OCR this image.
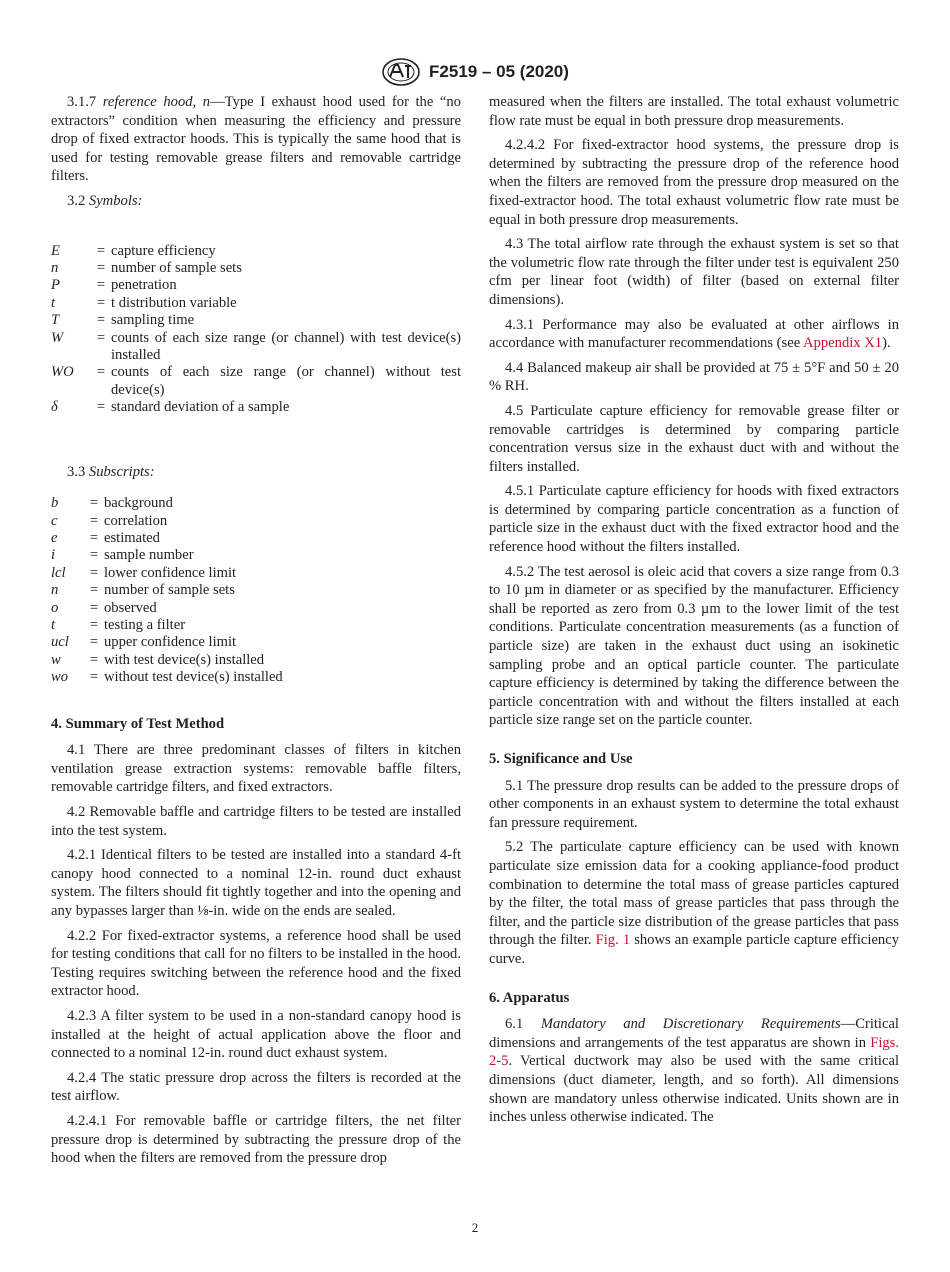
F2519 – 05 (2020)

3.1.7 reference hood, n—Type I exhaust hood used for the “no extractors” condition when measuring the efficiency and pressure drop of fixed extractor hoods. This is typically the same hood that is used for testing removable grease filters and removable cartridge filters.

3.2 Symbols:

E	=	capture efficiency
n	=	number of sample sets
P	=	penetration
t	=	t distribution variable
T	=	sampling time
W	=	counts of each size range (or channel) with test device(s) installed
WO	=	counts of each size range (or channel) without test device(s)
δ	=	standard deviation of a sample

3.3 Subscripts:

b	=	background
c	=	correlation
e	=	estimated
i	=	sample number
lcl	=	lower confidence limit
n	=	number of sample sets
o	=	observed
t	=	testing a filter
ucl	=	upper confidence limit
w	=	with test device(s) installed
wo	=	without test device(s) installed
4. Summary of Test Method

4.1 There are three predominant classes of filters in kitchen ventilation grease extraction systems: removable baffle filters, removable cartridge filters, and fixed extractors.

4.2 Removable baffle and cartridge filters to be tested are installed into the test system.

4.2.1 Identical filters to be tested are installed into a standard 4-ft canopy hood connected to a nominal 12-in. round duct exhaust system. The filters should fit tightly together and into the opening and any bypasses larger than ⅛-in. wide on the ends are sealed.

4.2.2 For fixed-extractor systems, a reference hood shall be used for testing conditions that call for no filters to be installed in the hood. Testing requires switching between the reference hood and the fixed extractor hood.

4.2.3 A filter system to be used in a non-standard canopy hood is installed at the height of actual application above the floor and connected to a nominal 12-in. round duct exhaust system.

4.2.4 The static pressure drop across the filters is recorded at the test airflow.

4.2.4.1 For removable baffle or cartridge filters, the net filter pressure drop is determined by subtracting the pressure drop of the hood when the filters are removed from the pressure drop

measured when the filters are installed. The total exhaust volumetric flow rate must be equal in both pressure drop measurements.

4.2.4.2 For fixed-extractor hood systems, the pressure drop is determined by subtracting the pressure drop of the reference hood when the filters are removed from the pressure drop measured on the fixed-extractor hood. The total exhaust volumetric flow rate must be equal in both pressure drop measurements.

4.3 The total airflow rate through the exhaust system is set so that the volumetric flow rate through the filter under test is equivalent 250 cfm per linear foot (width) of filter (based on external filter dimensions).

4.3.1 Performance may also be evaluated at other airflows in accordance with manufacturer recommendations (see Appendix X1).

4.4 Balanced makeup air shall be provided at 75 ± 5°F and 50 ± 20 % RH.

4.5 Particulate capture efficiency for removable grease filter or removable cartridges is determined by comparing particle concentration versus size in the exhaust duct with and without the filters installed.

4.5.1 Particulate capture efficiency for hoods with fixed extractors is determined by comparing particle concentration as a function of particle size in the exhaust duct with the fixed extractor hood and the reference hood without the filters installed.

4.5.2 The test aerosol is oleic acid that covers a size range from 0.3 to 10 µm in diameter or as specified by the manufacturer. Efficiency shall be reported as zero from 0.3 µm to the lower limit of the test conditions. Particulate concentration measurements (as a function of particle size) are taken in the exhaust duct using an isokinetic sampling probe and an optical particle counter. The particulate capture efficiency is determined by taking the difference between the particle concentration with and without the filters installed at each particle size range set on the particle counter.

5. Significance and Use

5.1 The pressure drop results can be added to the pressure drops of other components in an exhaust system to determine the total exhaust fan pressure requirement.

5.2 The particulate capture efficiency can be used with known particulate size emission data for a cooking appliance-food product combination to determine the total mass of grease particles captured by the filter, the total mass of grease particles that pass through the filter, and the particle size distribution of the grease particles that pass through the filter. Fig. 1 shows an example particle capture efficiency curve.

6. Apparatus

6.1 Mandatory and Discretionary Requirements—Critical dimensions and arrangements of the test apparatus are shown in Figs. 2-5. Vertical ductwork may also be used with the same critical dimensions (duct diameter, length, and so forth). All dimensions shown are mandatory unless otherwise indicated. Units shown are in inches unless otherwise indicated. The

2
